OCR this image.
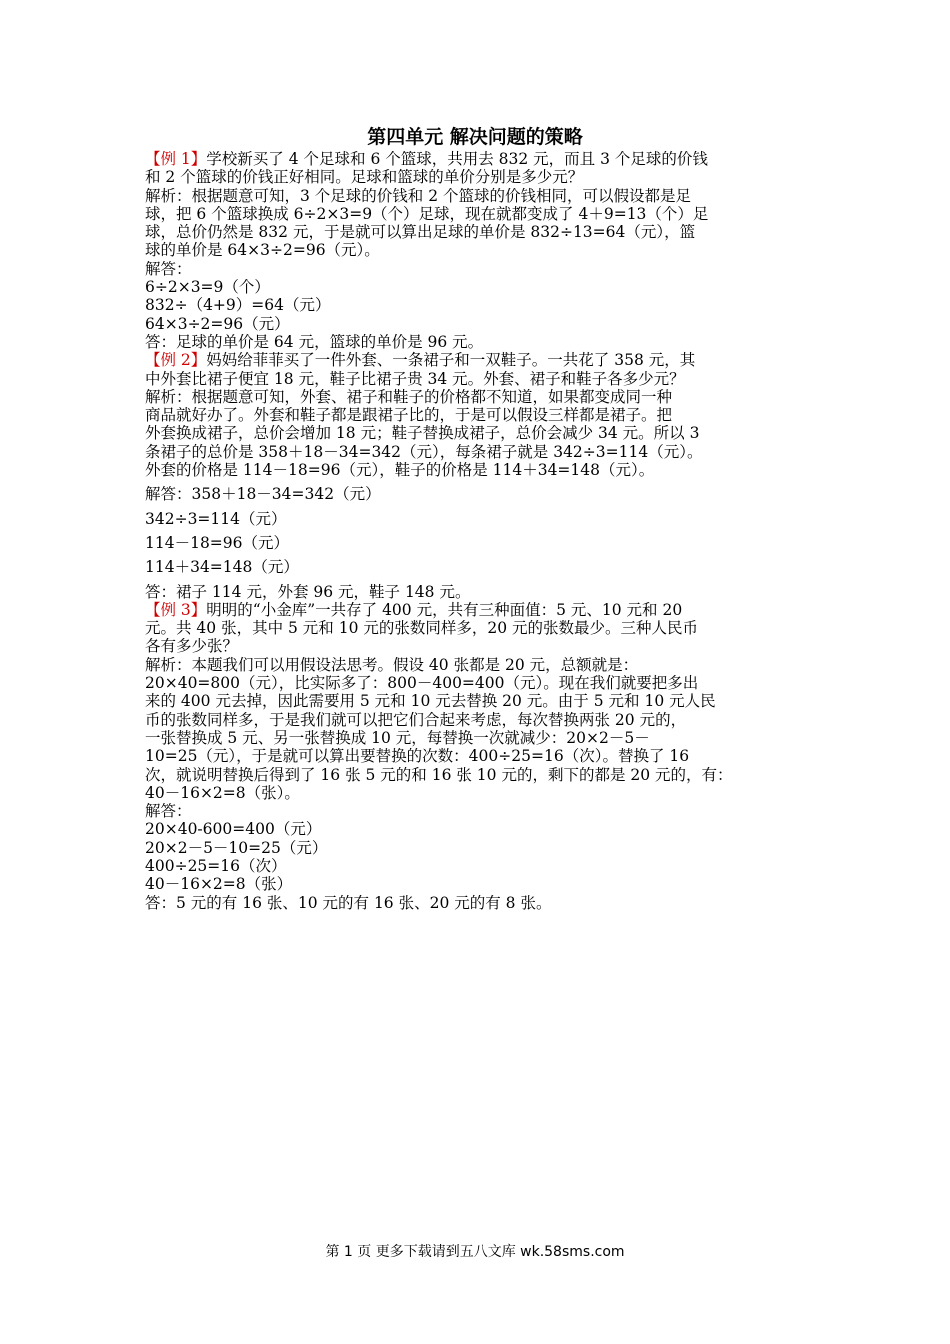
第四单元 解决问题的策略
【例 1】学校新买了 4 个足球和 6 个篮球，共用去 832 元，而且 3 个足球的价钱
和 2 个篮球的价钱正好相同。足球和篮球的单价分别是多少元？
解析：根据题意可知，3 个足球的价钱和 2 个篮球的价钱相同，可以假设都是足
球，把 6 个篮球换成 6÷2×3=9（个）足球，现在就都变成了 4＋9=13（个）足
球，总价仍然是 832 元，于是就可以算出足球的单价是 832÷13=64（元），篮
球的单价是 64×3÷2=96（元）。
解答：
6÷2×3=9（个）
832÷（4+9）=64（元）
64×3÷2=96（元）
答：足球的单价是 64 元，篮球的单价是 96 元。
【例 2】妈妈给菲菲买了一件外套、一条裙子和一双鞋子。一共花了 358 元，其
中外套比裙子便宜 18 元，鞋子比裙子贵 34 元。外套、裙子和鞋子各多少元？
解析：根据题意可知，外套、裙子和鞋子的价格都不知道，如果都变成同一种
商品就好办了。外套和鞋子都是跟裙子比的，于是可以假设三样都是裙子。把
外套换成裙子，总价会增加 18 元；鞋子替换成裙子，总价会减少 34 元。所以 3
条裙子的总价是 358＋18－34=342（元），每条裙子就是 342÷3=114（元）。
外套的价格是 114－18=96（元），鞋子的价格是 114＋34=148（元）。
解答：358＋18－34=342（元）
342÷3=114（元）
114－18=96（元）
114＋34=148（元）
答：裙子 114 元，外套 96 元，鞋子 148 元。
【例 3】明明的“小金库”一共存了 400 元，共有三种面值：5 元、10 元和 20
元。共 40 张，其中 5 元和 10 元的张数同样多，20 元的张数最少。三种人民币
各有多少张？
解析：本题我们可以用假设法思考。假设 40 张都是 20 元，总额就是：
20×40=800（元），比实际多了：800－400=400（元）。现在我们就要把多出
来的 400 元去掉，因此需要用 5 元和 10 元去替换 20 元。由于 5 元和 10 元人民
币的张数同样多，于是我们就可以把它们合起来考虑，每次替换两张 20 元的，
一张替换成 5 元、另一张替换成 10 元，每替换一次就减少：20×2－5－
10=25（元），于是就可以算出要替换的次数：400÷25=16（次）。替换了 16
次，就说明替换后得到了 16 张 5 元的和 16 张 10 元的，剩下的都是 20 元的，有：
40－16×2=8（张）。
解答：
20×40-600=400（元）
20×2－5－10=25（元）
400÷25=16（次）
40－16×2=8（张）
答：5 元的有 16 张、10 元的有 16 张、20 元的有 8 张。
第 1 页 更多下载请到五八文库 wk.58sms.com
